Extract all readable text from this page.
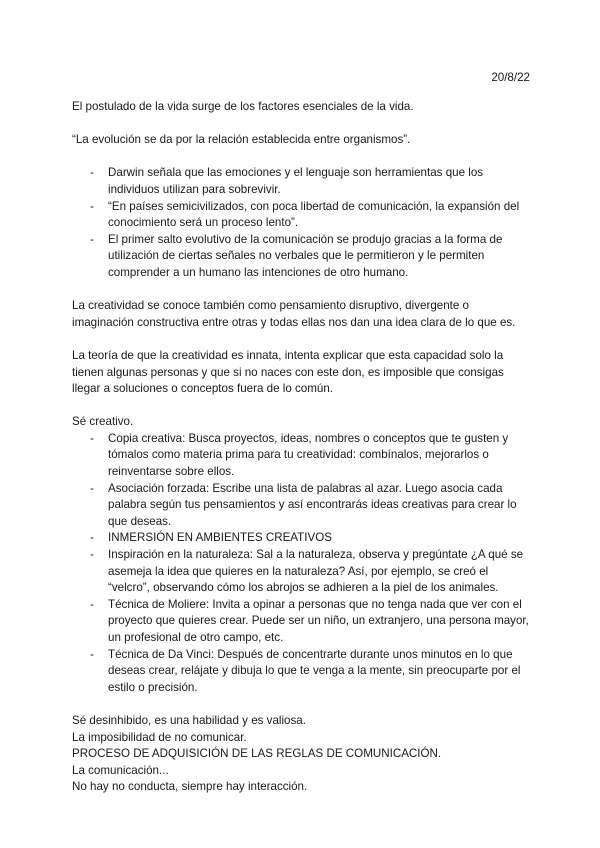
20/8/22

El postulado de la vida surge de los factores esenciales de la vida.

“La evolución se da por la relación establecida entre organismos”.

- Darwin señala que las emociones y el lenguaje son herramientas que los individuos utilizan para sobrevivir.
- “En países semicivilizados, con poca libertad de comunicación, la expansión del conocimiento será un proceso lento”.
- El primer salto evolutivo de la comunicación se produjo gracias a la forma de utilización de ciertas señales no verbales que le permitieron y le permiten comprender a un humano las intenciones de otro humano.

La creatividad se conoce también como pensamiento disruptivo, divergente o imaginación constructiva entre otras y todas ellas nos dan una idea clara de lo que es.

La teoría de que la creatividad es innata, intenta explicar que esta capacidad solo la tienen algunas personas y que si no naces con este don, es imposible que consigas llegar a soluciones o conceptos fuera de lo común.

Sé creativo.

- Copia creativa: Busca proyectos, ideas, nombres o conceptos que te gusten y tómalos como materia prima para tu creatividad: combínalos, mejorarlos o reinventarse sobre ellos.
- Asociación forzada: Escribe una lista de palabras al azar. Luego asocia cada palabra según tus pensamientos y así encontrarás ideas creativas para crear lo que deseas.
- INMERSIÓN EN AMBIENTES CREATIVOS
- Inspiración en la naturaleza: Sal a la naturaleza, observa y pregúntate ¿A qué se asemeja la idea que quieres en la naturaleza? Así, por ejemplo, se creó el “velcro”, observando cómo los abrojos se adhieren a la piel de los animales.
- Técnica de Moliere: Invita a opinar a personas que no tenga nada que ver con el proyecto que quieres crear. Puede ser un niño, un extranjero, una persona mayor, un profesional de otro campo, etc.
- Técnica de Da Vinci: Después de concentrarte durante unos minutos en lo que deseas crear, relájate y dibuja lo que te venga a la mente, sin preocuparte por el estilo o precisión.

Sé desinhibido, es una habilidad y es valiosa.

La imposibilidad de no comunicar.

PROCESO DE ADQUISICIÓN DE LAS REGLAS DE COMUNICACIÓN.

La comunicación...

No hay no conducta, siempre hay interacción.
